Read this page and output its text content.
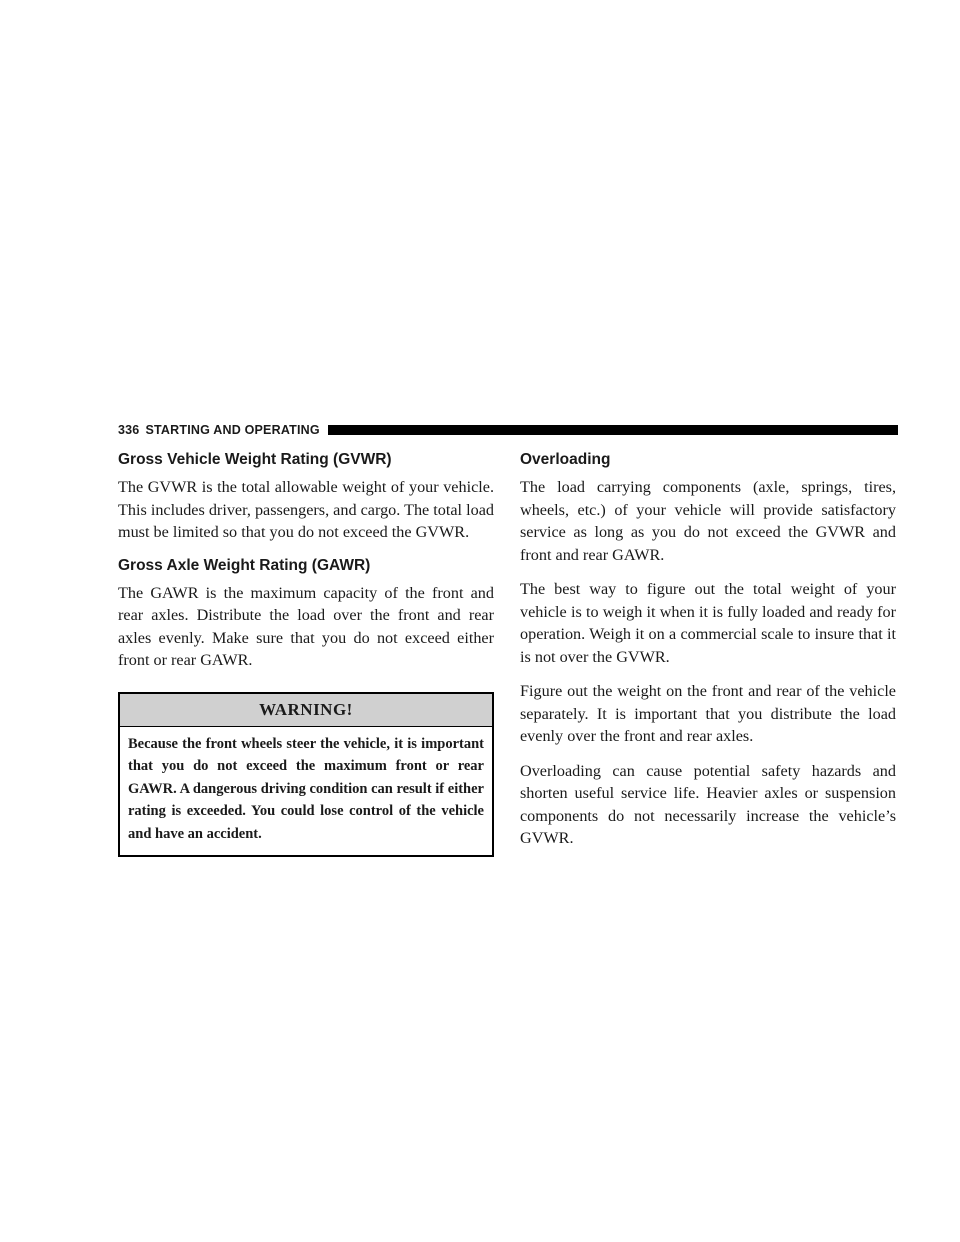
336 STARTING AND OPERATING
Gross Vehicle Weight Rating (GVWR)

The GVWR is the total allowable weight of your vehicle. This includes driver, passengers, and cargo. The total load must be limited so that you do not exceed the GVWR.

Gross Axle Weight Rating (GAWR)

The GAWR is the maximum capacity of the front and rear axles. Distribute the load over the front and rear axles evenly. Make sure that you do not exceed either front or rear GAWR.

WARNING!
Because the front wheels steer the vehicle, it is important that you do not exceed the maximum front or rear GAWR. A dangerous driving condition can result if either rating is exceeded. You could lose control of the vehicle and have an accident.
Overloading

The load carrying components (axle, springs, tires, wheels, etc.) of your vehicle will provide satisfactory service as long as you do not exceed the GVWR and front and rear GAWR.

The best way to figure out the total weight of your vehicle is to weigh it when it is fully loaded and ready for operation. Weigh it on a commercial scale to insure that it is not over the GVWR.

Figure out the weight on the front and rear of the vehicle separately. It is important that you distribute the load evenly over the front and rear axles.

Overloading can cause potential safety hazards and shorten useful service life. Heavier axles or suspension components do not necessarily increase the vehicle’s GVWR.
